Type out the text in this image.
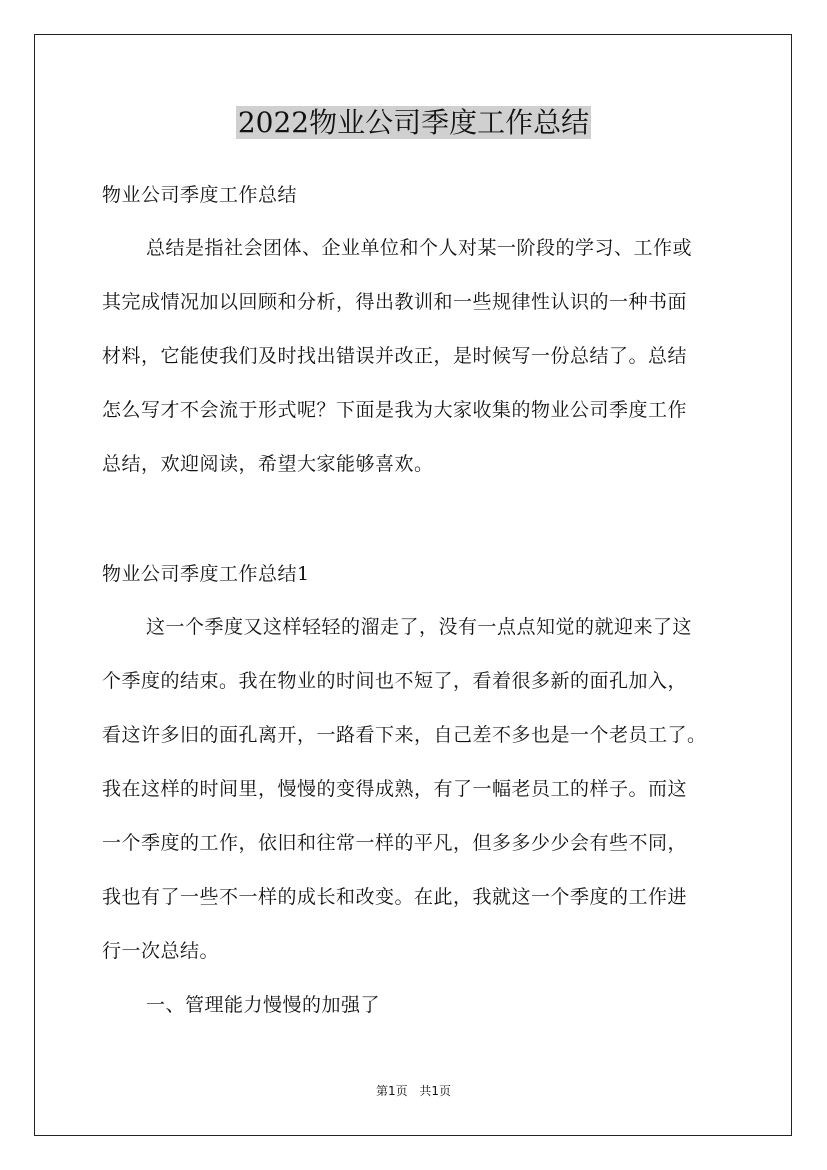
2022物业公司季度工作总结
物业公司季度工作总结
总结是指社会团体、企业单位和个人对某一阶段的学习、工作或
其完成情况加以回顾和分析，得出教训和一些规律性认识的一种书面
材料，它能使我们及时找出错误并改正，是时候写一份总结了。总结
怎么写才不会流于形式呢？下面是我为大家收集的物业公司季度工作
总结，欢迎阅读，希望大家能够喜欢。
物业公司季度工作总结1
这一个季度又这样轻轻的溜走了，没有一点点知觉的就迎来了这
个季度的结束。我在物业的时间也不短了，看着很多新的面孔加入，
看这许多旧的面孔离开，一路看下来，自己差不多也是一个老员工了。
我在这样的时间里，慢慢的变得成熟，有了一幅老员工的样子。而这
一个季度的工作，依旧和往常一样的平凡，但多多少少会有些不同，
我也有了一些不一样的成长和改变。在此，我就这一个季度的工作进
行一次总结。
一、管理能力慢慢的加强了
第1页 共1页
